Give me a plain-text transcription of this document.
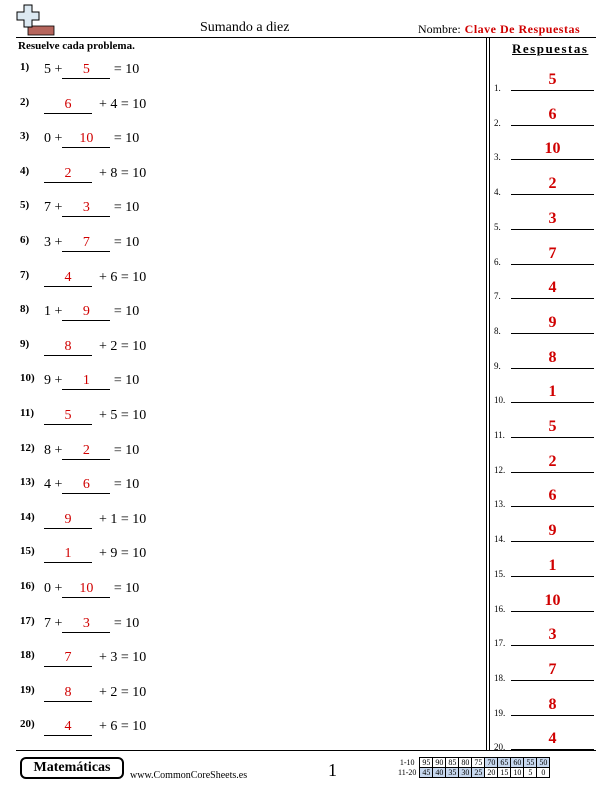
Sumando a diez	Nombre: Clave De Respuestas
Resuelve cada problema.
1) 5 + 5 = 10
2)	6  + 4 = 10
3) 0 + 10 = 10
4)	2  + 8 = 10
5) 7 + 3 = 10
6) 3 + 7 = 10
7)	4  + 6 = 10
8) 1 + 9 = 10
9)	8  + 2 = 10
10) 9 + 1 = 10
11) 5  + 5 = 10
12) 8 + 2 = 10
13) 4 + 6 = 10
14) 9  + 1 = 10
15) 1  + 9 = 10
16) 0 + 10 = 10
17) 7 + 3 = 10
18) 7  + 3 = 10
19) 8  + 2 = 10
20) 4  + 6 = 10
Respuestas
1.	5
2.	6
3.	10
4.	2
5.	3
6.	7
7.	4
8.	9
9.	8
10.	1
11.	5
12.	2
13.	6
14.	9
15.	1
16.	10
17.	3
18.	7
19.	8
20.	4
Matemáticas
www.CommonCoreSheets.es	1	1-10	95	90	85	80	75	70	65	60	55	50
11-20	45	40	35	30	25	20	15	10	5	0
